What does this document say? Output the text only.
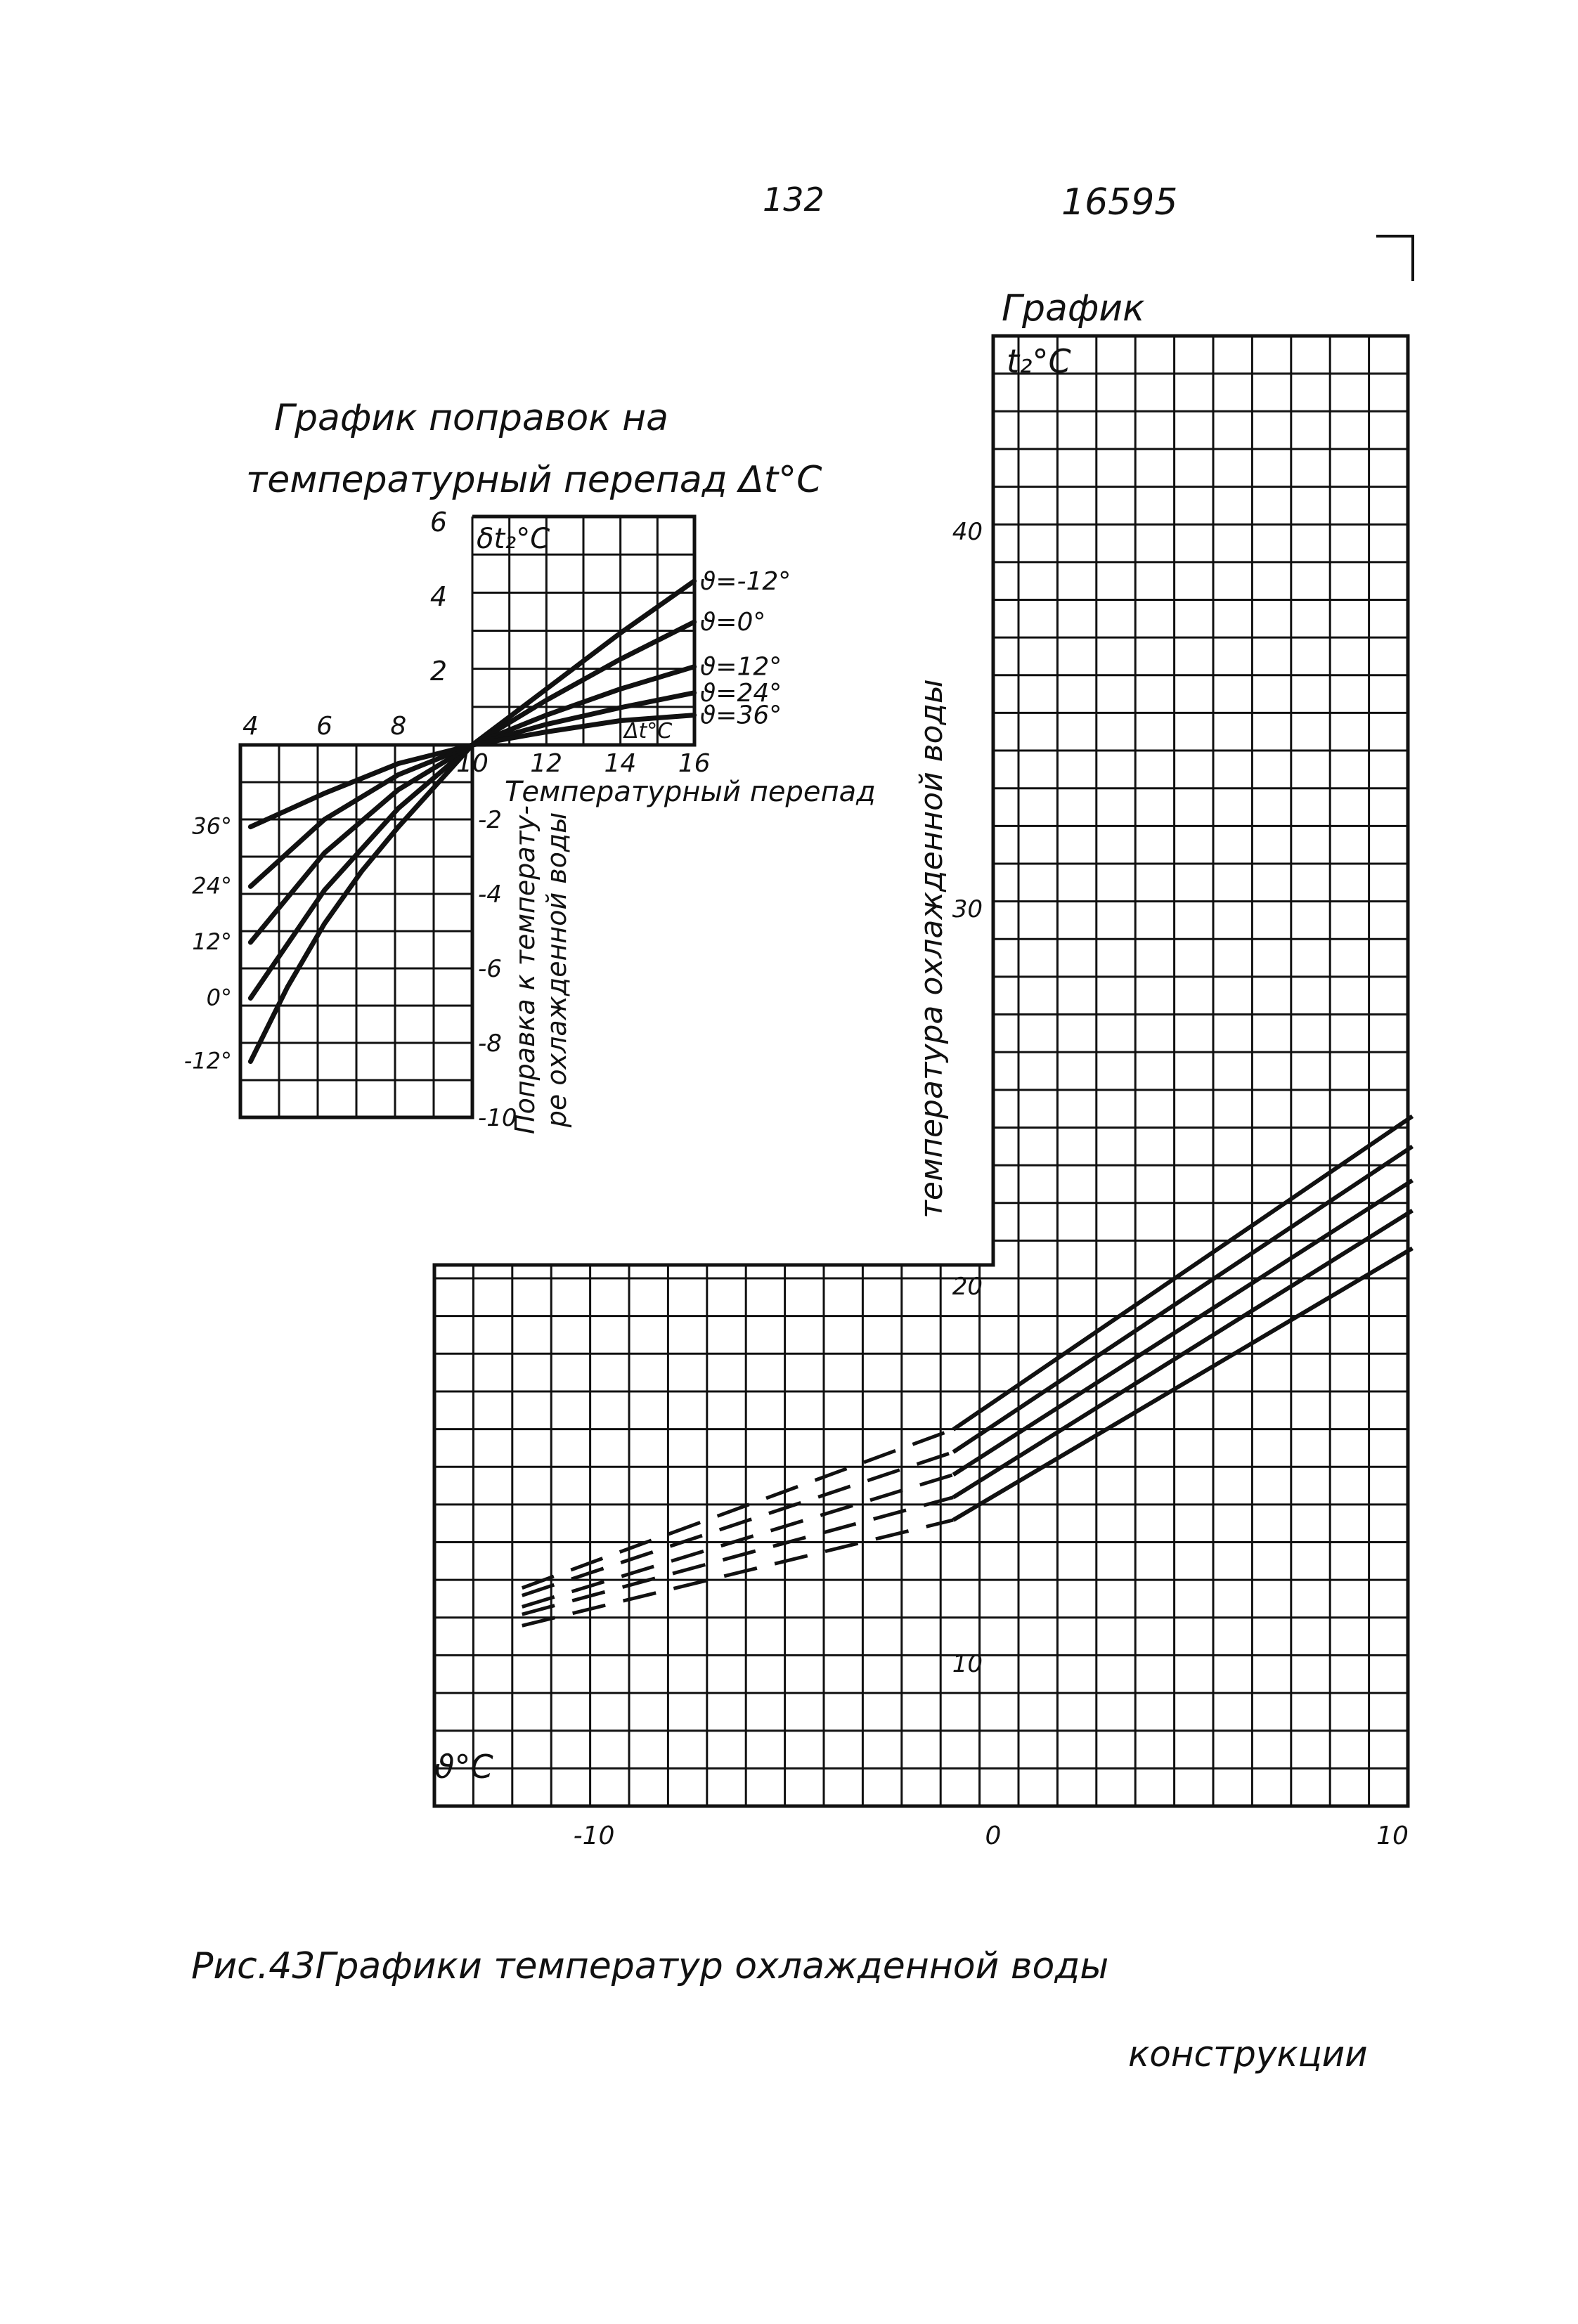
132	16595
График
температура охлажденной воды
t₂°С
ϑ°С
10
20
30
40
-10	0	10
График поправок на
температурный перепад Δt°С
δt₂°С
Δt°С
Температурный перепад
Поправка к температу- ре охлажденной воды
6
4
2
-2
-4
-6
-8
-10
4 6 8
10 12 14 16
36°
24°
12°
0°
-12°
ϑ=-12°
ϑ=0°
ϑ=12°
ϑ=24°
ϑ=36°
Рис.43Графики температур охлажденной воды
конструкции
